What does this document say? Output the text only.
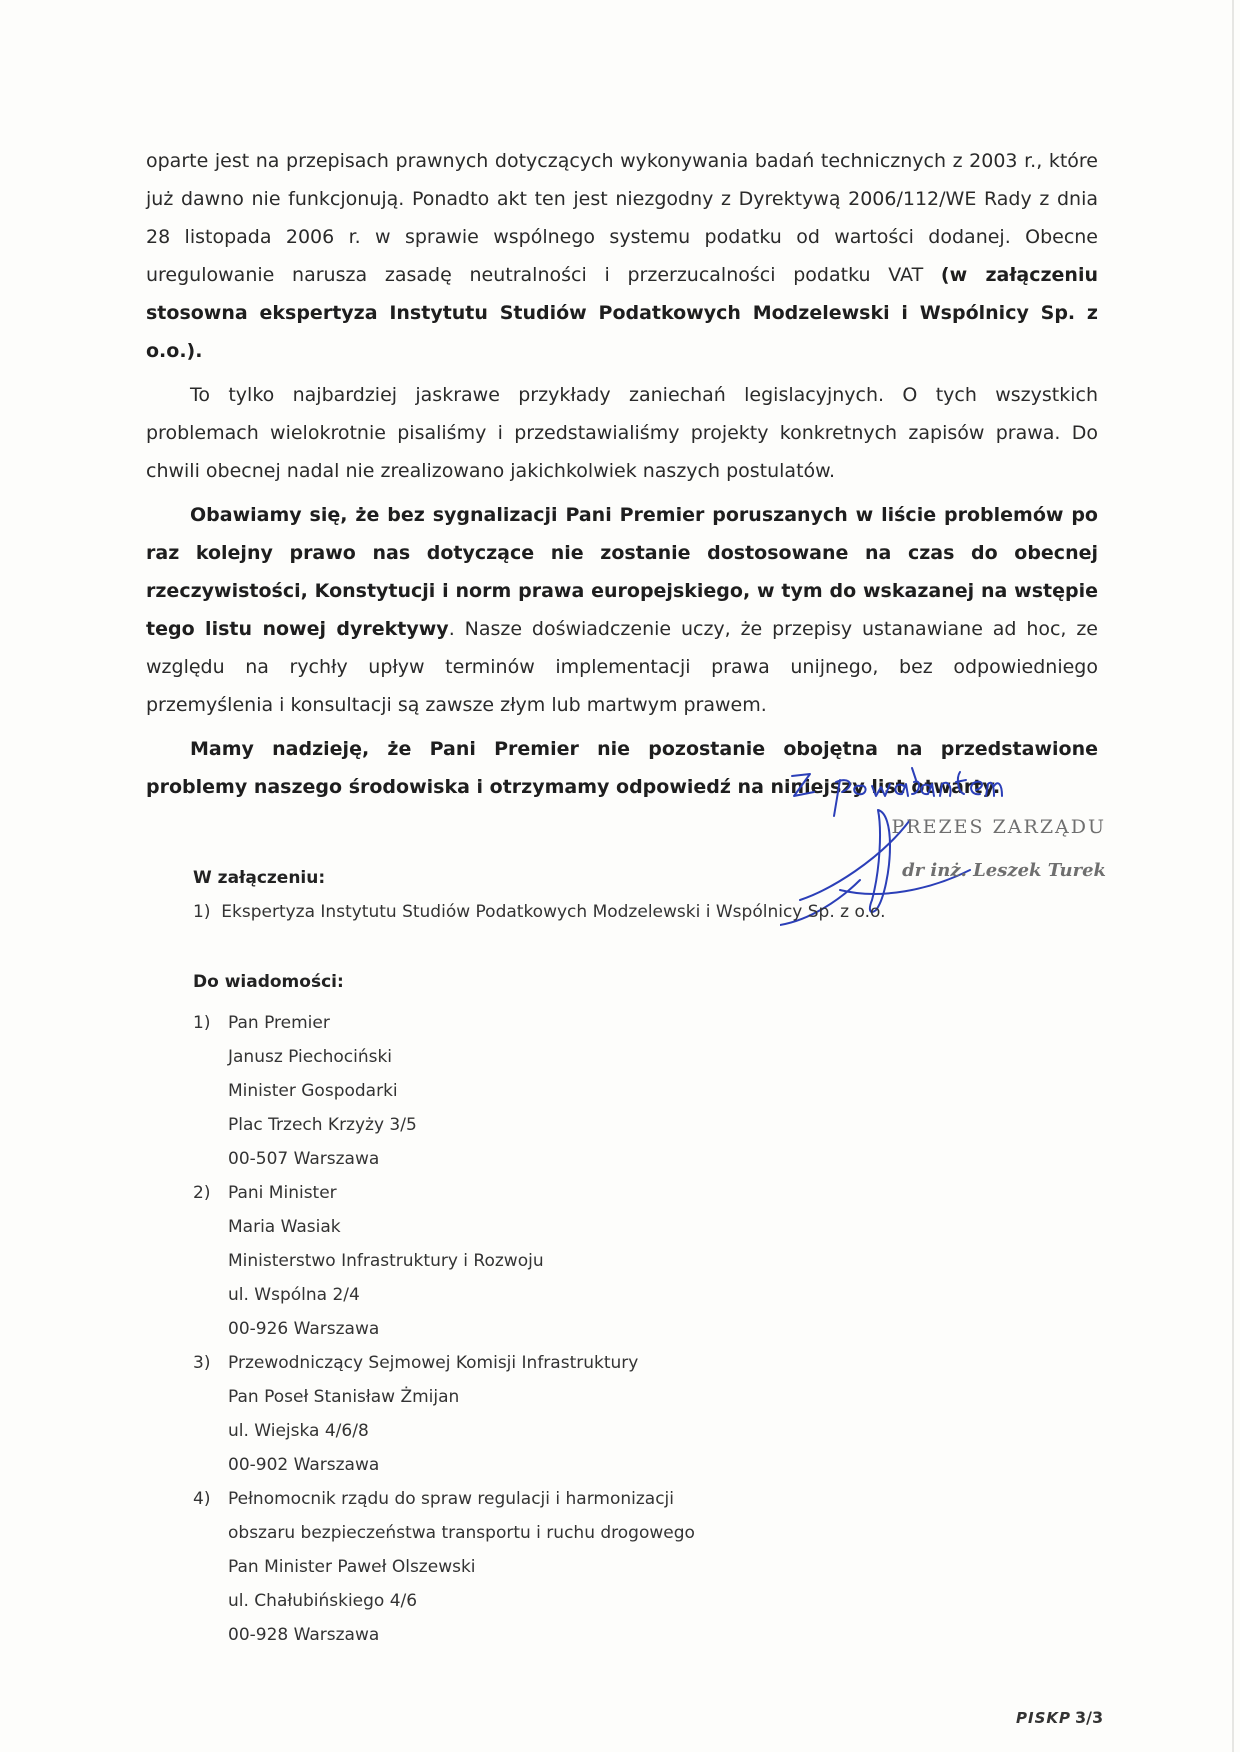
oparte jest na przepisach prawnych dotyczących wykonywania badań technicznych z 2003 r., które już dawno nie funkcjonują. Ponadto akt ten jest niezgodny z Dyrektywą 2006/112/WE Rady z dnia 28 listopada 2006 r. w sprawie wspólnego systemu podatku od wartości dodanej. Obecne uregulowanie narusza zasadę neutralności i przerzucalności podatku VAT (w załączeniu stosowna ekspertyza Instytutu Studiów Podatkowych Modzelewski i Wspólnicy Sp. z o.o.).

To tylko najbardziej jaskrawe przykłady zaniechań legislacyjnych. O tych wszystkich problemach wielokrotnie pisaliśmy i przedstawialiśmy projekty konkretnych zapisów prawa. Do chwili obecnej nadal nie zrealizowano jakichkolwiek naszych postulatów.

Obawiamy się, że bez sygnalizacji Pani Premier poruszanych w liście problemów po raz kolejny prawo nas dotyczące nie zostanie dostosowane na czas do obecnej rzeczywistości, Konstytucji i norm prawa europejskiego, w tym do wskazanej na wstępie tego listu nowej dyrektywy. Nasze doświadczenie uczy, że przepisy ustanawiane ad hoc, ze względu na rychły upływ terminów implementacji prawa unijnego, bez odpowiedniego przemyślenia i konsultacji są zawsze złym lub martwym prawem.

Mamy nadzieję, że Pani Premier nie pozostanie obojętna na przedstawione problemy naszego środowiska i otrzymamy odpowiedź na niniejszy list otwarty.

PREZES ZARZĄDU
dr inż. Leszek Turek
W załączeniu:
1) Ekspertyza Instytutu Studiów Podatkowych Modzelewski i Wspólnicy Sp. z o.o.
Do wiadomości:
1)	Pan Premier
Janusz Piechociński
Minister Gospodarki
Plac Trzech Krzyży 3/5
00-507 Warszawa
2)	Pani Minister
Maria Wasiak
Ministerstwo Infrastruktury i Rozwoju
ul. Wspólna 2/4
00-926 Warszawa
3)	Przewodniczący Sejmowej Komisji Infrastruktury
Pan Poseł Stanisław Żmijan
ul. Wiejska 4/6/8
00-902 Warszawa
4)	Pełnomocnik rządu do spraw regulacji i harmonizacji
obszaru bezpieczeństwa transportu i ruchu drogowego
Pan Minister Paweł Olszewski
ul. Chałubińskiego 4/6
00-928 Warszawa
PISKP 3/3
